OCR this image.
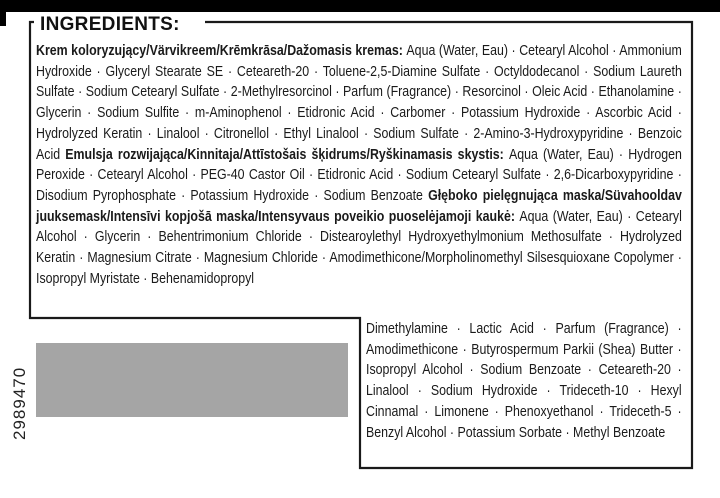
INGREDIENTS:
Krem koloryzujący/Värvikreem/Krēmkrāsa/Dažomasis kremas: Aqua (Water, Eau) · Cetearyl Alcohol · Ammonium Hydroxide · Glyceryl Stearate SE · Ceteareth-20 · Toluene-2,5-Diamine Sulfate · Octyldodecanol · Sodium Laureth Sulfate · Sodium Cetearyl Sulfate · 2-Methylresorcinol · Parfum (Fragrance) · Resorcinol · Oleic Acid · Ethanolamine · Glycerin · Sodium Sulfite · m-Aminophenol · Etidronic Acid · Carbomer · Potassium Hydroxide · Ascorbic Acid · Hydrolyzed Keratin · Linalool · Citronellol · Ethyl Linalool · Sodium Sulfate · 2-Amino-3-Hydroxypyridine · Benzoic Acid Emulsja rozwijająca/Kinnitaja/Attīstošais šķidrums/Ryškinamasis skystis: Aqua (Water, Eau) · Hydrogen Peroxide · Cetearyl Alcohol · PEG-40 Castor Oil · Etidronic Acid · Sodium Cetearyl Sulfate · 2,6-Dicarboxypyridine · Disodium Pyrophosphate · Potassium Hydroxide · Sodium Benzoate Głęboko pielęgnująca maska/Süvahooldav juuksemask/Intensīvi kopjošā maska/Intensyvaus poveikio puoselėjamoji kaukė: Aqua (Water, Eau) · Cetearyl Alcohol · Glycerin · Behentrimonium Chloride · Distearoylethyl Hydroxyethylmonium Methosulfate · Hydrolyzed Keratin · Magnesium Citrate · Magnesium Chloride · Amodimethicone/Morpholinomethyl Silsesquioxane Copolymer · Isopropyl Myristate · Behenamidopropyl
Dimethylamine · Lactic Acid · Parfum (Fragrance) · Amodimethicone · Butyrospermum Parkii (Shea) Butter · Isopropyl Alcohol · Sodium Benzoate · Ceteareth-20 · Linalool · Sodium Hydroxide · Trideceth-10 · Hexyl Cinnamal · Limonene · Phenoxyethanol · Trideceth-5 · Benzyl Alcohol · Potassium Sorbate · Methyl Benzoate
2989470
